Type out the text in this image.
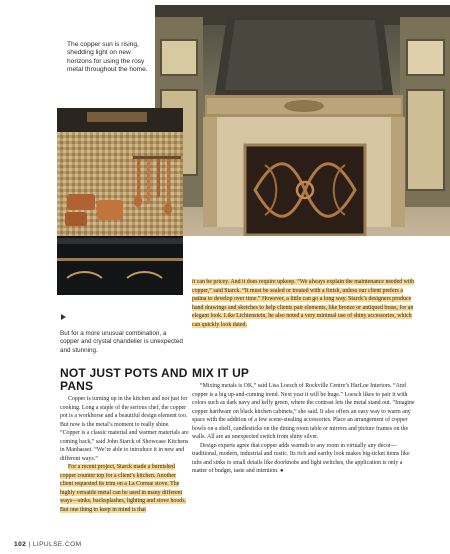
The copper sun is rising, shedding light on new horizons for using the rosy metal throughout the home.
But for a more unusual combination, a copper and crystal chandelier is unexpected and stunning.

it can be pricey. And it does require upkeep. “We always explain the maintenance needed with copper,” said Starck. “It must be sealed or treated with a finish, unless our client prefers a patina to develop over time.” However, a little can go a long way. Starck’s designers produce hand drawings and sketches to help clients pair elements, like bronze or antiqued brass, for an elegant look. Like Lichtenstein, he also noted a very minimal use of shiny accessories, which can quickly look dated.

NOT JUST POTS AND PANS

Copper is turning up in the kitchen and not just for cooking. Long a staple of the serious chef, the copper pot is a workhorse and a beautiful design element too. But now is the metal’s moment to really shine. “Copper is a classic material and warmer materials are coming back,” said John Starck of Showcase Kitchens in Manhasset. “We’re able to introduce it in new and different ways.”

For a recent project, Starck made a burnished copper counter top for a client’s kitchen. Another client requested its trim on a La Cornue stove. The highly versatile metal can be used in many different ways—sinks, backsplashes, lighting and stove hoods. But one thing to keep in mind is that

MIX IT UP

“Mixing metals is OK,” said Lisa Loesch of Rockville Centre’s HarLoe Interiors. “And copper is a big up-and-coming trend. Next year it will be huge.” Loesch likes to pair it with colors such as dark navy and kelly green, where the contrast lets the metal stand out. “Imagine copper hardware on black kitchen cabinets,” she said. It also offers an easy way to warm any space with the addition of a few scene-stealing accessories. Place an arrangement of copper bowls on a shelf, candlesticks on the dining room table or mirrors and picture frames on the walls. All are an unexpected switch from shiny silver.

Design experts agree that copper adds warmth to any room in virtually any décor—traditional, modern, industrial and rustic. Its rich and earthy look makes big-ticket items like tubs and sinks to small details like doorknobs and light switches, the application is only a matter of budget, taste and intention. ●

102 | LIPULSE.COM
